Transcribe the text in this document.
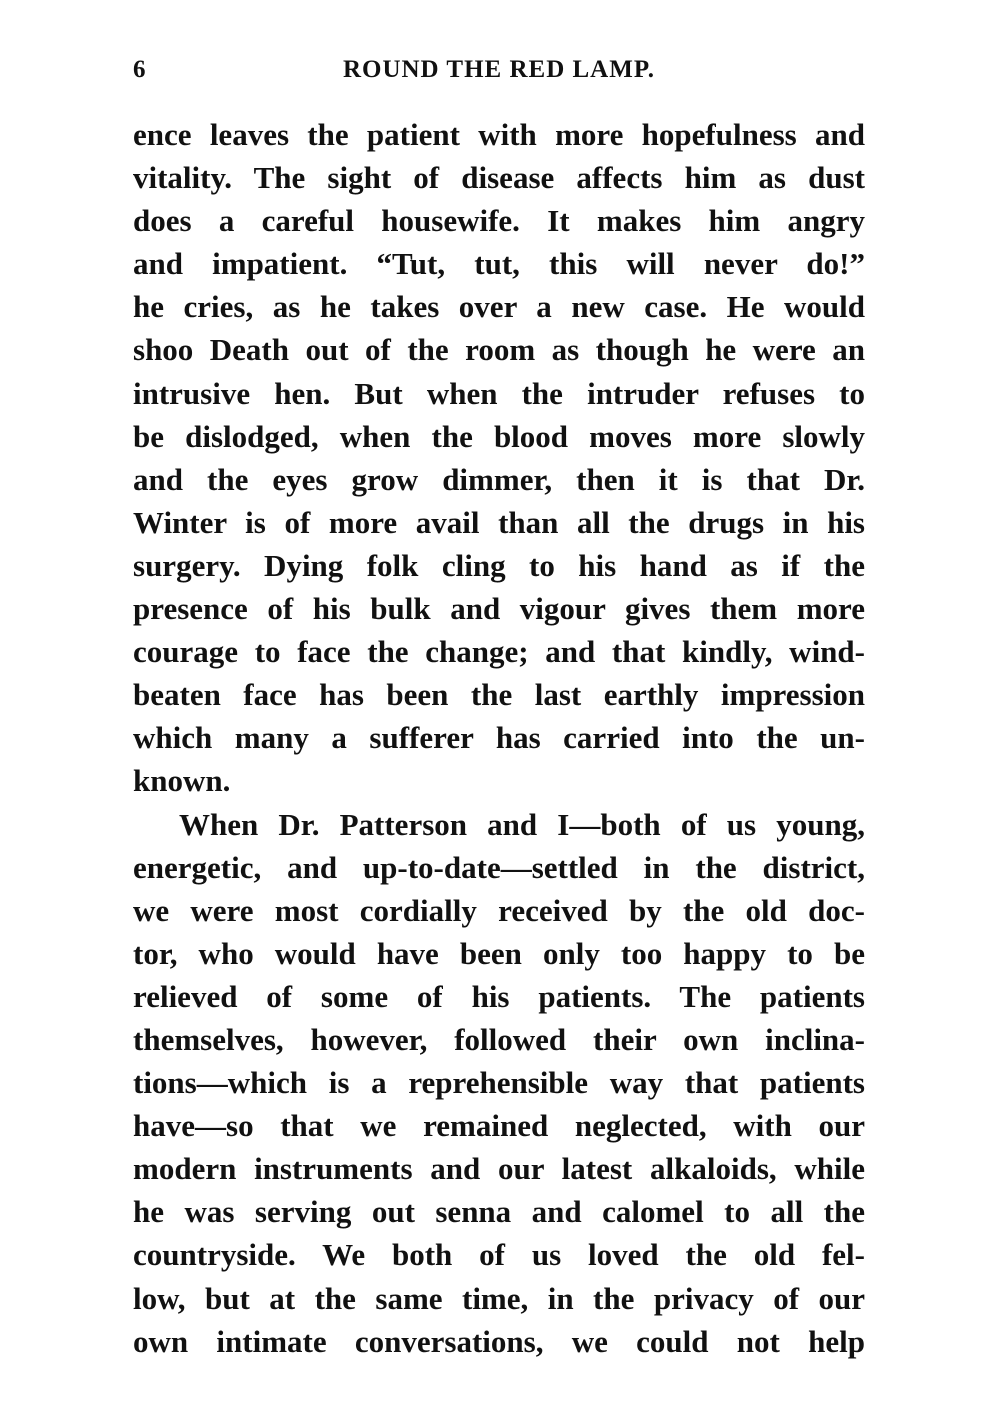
6	ROUND THE RED LAMP.
ence leaves the patient with more hopefulness and
vitality. The sight of disease affects him as dust
does a careful housewife. It makes him angry
and impatient. “Tut, tut, this will never do!”
he cries, as he takes over a new case. He would
shoo Death out of the room as though he were an
intrusive hen. But when the intruder refuses to
be dislodged, when the blood moves more slowly
and the eyes grow dimmer, then it is that Dr.
Winter is of more avail than all the drugs in his
surgery. Dying folk cling to his hand as if the
presence of his bulk and vigour gives them more
courage to face the change; and that kindly, wind-
beaten face has been the last earthly impression
which many a sufferer has carried into the un-
known.
When Dr. Patterson and I—both of us young,
energetic, and up-to-date—settled in the district,
we were most cordially received by the old doc-
tor, who would have been only too happy to be
relieved of some of his patients. The patients
themselves, however, followed their own inclina-
tions—which is a reprehensible way that patients
have—so that we remained neglected, with our
modern instruments and our latest alkaloids, while
he was serving out senna and calomel to all the
countryside. We both of us loved the old fel-
low, but at the same time, in the privacy of our
own intimate conversations, we could not help
